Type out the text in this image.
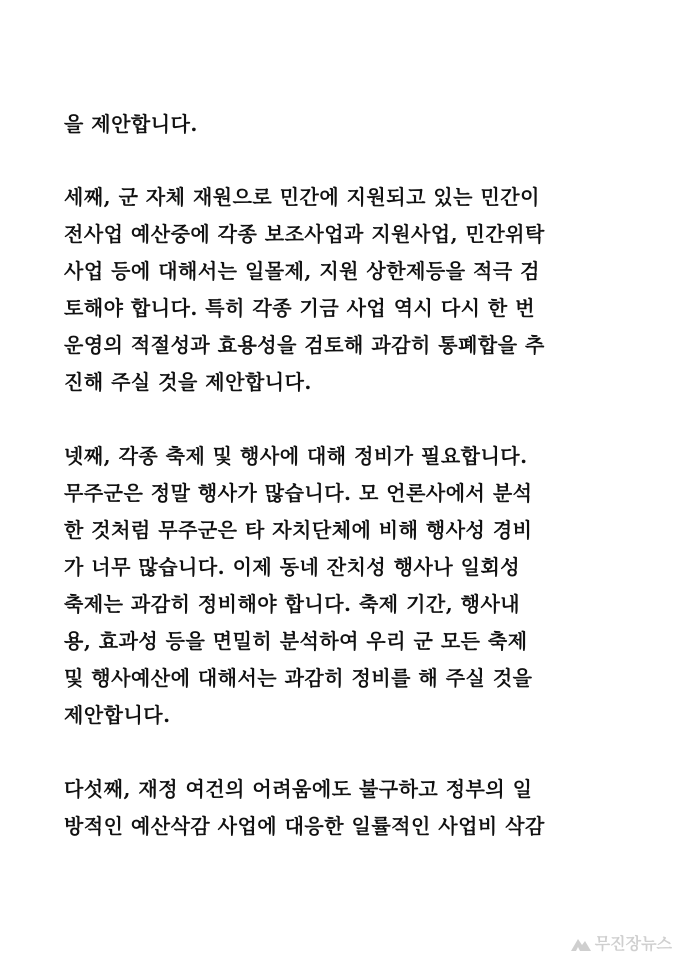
을 제안합니다.
세째, 군 자체 재원으로 민간에 지원되고 있는 민간이
전사업 예산중에 각종 보조사업과 지원사업, 민간위탁
사업 등에 대해서는 일몰제, 지원 상한제등을 적극 검
토해야 합니다. 특히 각종 기금 사업 역시 다시 한 번
운영의 적절성과 효용성을 검토해 과감히 통폐합을 추
진해 주실 것을 제안합니다.
넷째, 각종 축제 및 행사에 대해 정비가 필요합니다.
무주군은 정말 행사가 많습니다. 모 언론사에서 분석
한 것처럼 무주군은 타 자치단체에 비해 행사성 경비
가 너무 많습니다. 이제 동네 잔치성 행사나 일회성
축제는 과감히 정비해야 합니다. 축제 기간, 행사내
용, 효과성 등을 면밀히 분석하여 우리 군 모든 축제
및 행사예산에 대해서는 과감히 정비를 해 주실 것을
제안합니다.
다섯째, 재정 여건의 어려움에도 불구하고 정부의 일
방적인 예산삭감 사업에 대응한 일률적인 사업비 삭감
무진장뉴스
